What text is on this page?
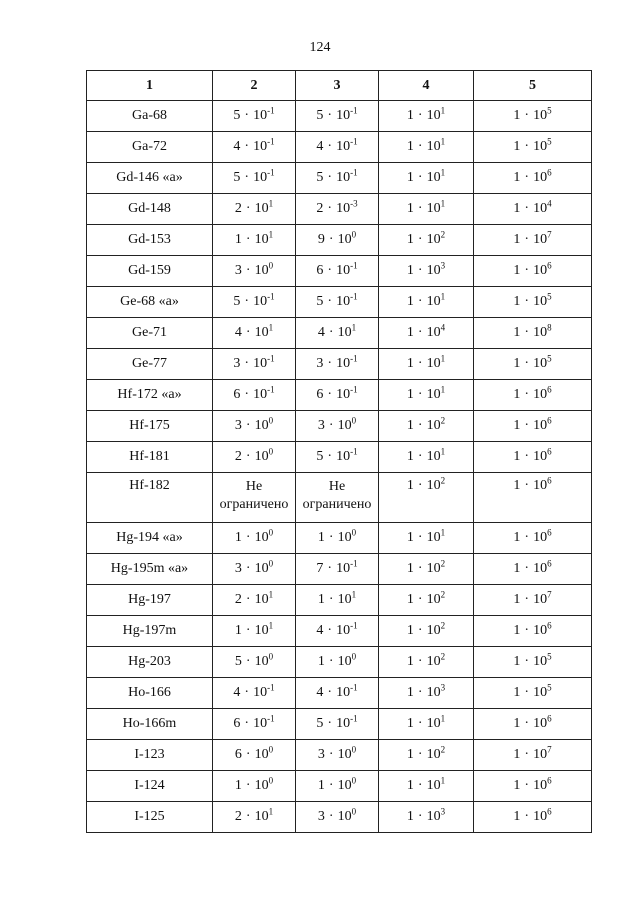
124
1	2	3	4	5
Ga-68	$5 \cdot 10^{-1}$	$5 \cdot 10^{-1}$	$1 \cdot 10^1$	$1 \cdot 10^5$
Ga-72	$4 \cdot 10^{-1}$	$4 \cdot 10^{-1}$	$1 \cdot 10^1$	$1 \cdot 10^5$
Gd-146 «а»	$5 \cdot 10^{-1}$	$5 \cdot 10^{-1}$	$1 \cdot 10^1$	$1 \cdot 10^6$
Gd-148	$2 \cdot 10^1$	$2 \cdot 10^{-3}$	$1 \cdot 10^1$	$1 \cdot 10^4$
Gd-153	$1 \cdot 10^1$	$9 \cdot 10^0$	$1 \cdot 10^2$	$1 \cdot 10^7$
Gd-159	$3 \cdot 10^0$	$6 \cdot 10^{-1}$	$1 \cdot 10^3$	$1 \cdot 10^6$
Ge-68 «а»	$5 \cdot 10^{-1}$	$5 \cdot 10^{-1}$	$1 \cdot 10^1$	$1 \cdot 10^5$
Ge-71	$4 \cdot 10^1$	$4 \cdot 10^1$	$1 \cdot 10^4$	$1 \cdot 10^8$
Ge-77	$3 \cdot 10^{-1}$	$3 \cdot 10^{-1}$	$1 \cdot 10^1$	$1 \cdot 10^5$
Hf-172 «а»	$6 \cdot 10^{-1}$	$6 \cdot 10^{-1}$	$1 \cdot 10^1$	$1 \cdot 10^6$
Hf-175	$3 \cdot 10^0$	$3 \cdot 10^0$	$1 \cdot 10^2$	$1 \cdot 10^6$
Hf-181	$2 \cdot 10^0$	$5 \cdot 10^{-1}$	$1 \cdot 10^1$	$1 \cdot 10^6$
Hf-182	Не ограничено	Не ограничено	$1 \cdot 10^2$	$1 \cdot 10^6$
Hg-194 «а»	$1 \cdot 10^0$	$1 \cdot 10^0$	$1 \cdot 10^1$	$1 \cdot 10^6$
Hg-195m «а»	$3 \cdot 10^0$	$7 \cdot 10^{-1}$	$1 \cdot 10^2$	$1 \cdot 10^6$
Hg-197	$2 \cdot 10^1$	$1 \cdot 10^1$	$1 \cdot 10^2$	$1 \cdot 10^7$
Hg-197m	$1 \cdot 10^1$	$4 \cdot 10^{-1}$	$1 \cdot 10^2$	$1 \cdot 10^6$
Hg-203	$5 \cdot 10^0$	$1 \cdot 10^0$	$1 \cdot 10^2$	$1 \cdot 10^5$
Ho-166	$4 \cdot 10^{-1}$	$4 \cdot 10^{-1}$	$1 \cdot 10^3$	$1 \cdot 10^5$
Ho-166m	$6 \cdot 10^{-1}$	$5 \cdot 10^{-1}$	$1 \cdot 10^1$	$1 \cdot 10^6$
I-123	$6 \cdot 10^0$	$3 \cdot 10^0$	$1 \cdot 10^2$	$1 \cdot 10^7$
I-124	$1 \cdot 10^0$	$1 \cdot 10^0$	$1 \cdot 10^1$	$1 \cdot 10^6$
I-125	$2 \cdot 10^1$	$3 \cdot 10^0$	$1 \cdot 10^3$	$1 \cdot 10^6$
